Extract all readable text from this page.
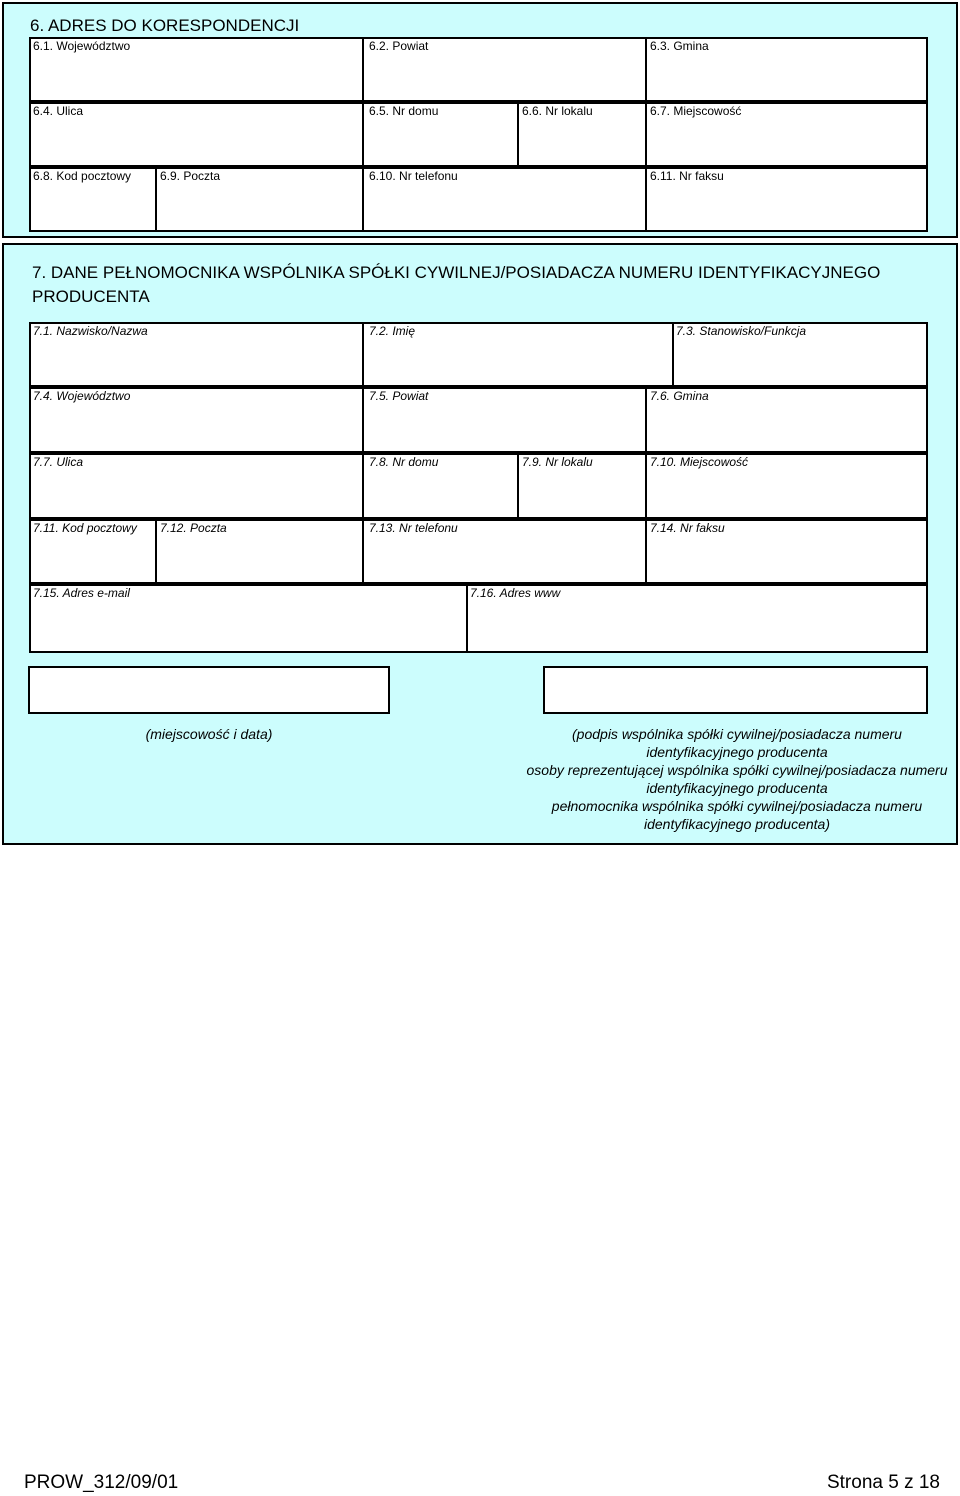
6. ADRES DO KORESPONDENCJI
6.1. Województwo	6.2. Powiat	6.3. Gmina
6.4. Ulica	6.5. Nr domu	6.6. Nr lokalu	6.7. Miejscowość
6.8. Kod pocztowy 6.9. Poczta	6.10. Nr telefonu	6.11. Nr faksu
7. DANE PEŁNOMOCNIKA WSPÓLNIKA SPÓŁKI CYWILNEJ/POSIADACZA NUMERU IDENTYFIKACYJNEGO
PRODUCENTA
7.1. Nazwisko/Nazwa	7.2. Imię	7.3. Stanowisko/Funkcja
7.4. Województwo	7.5. Powiat	7.6. Gmina
7.7. Ulica	7.8. Nr domu	7.9. Nr lokalu	7.10. Miejscowość
7.11. Kod pocztowy 7.12. Poczta	7.13. Nr telefonu	7.14. Nr faksu
7.15. Adres e-mail	7.16. Adres www
(miejscowość i data)	(podpis wspólnika spółki cywilnej/posiadacza numeru
identyfikacyjnego producenta
osoby reprezentującej wspólnika spółki cywilnej/posiadacza numeru
identyfikacyjnego producenta
pełnomocnika wspólnika spółki cywilnej/posiadacza numeru
identyfikacyjnego producenta)
PROW_312/09/01	Strona 5 z 18
